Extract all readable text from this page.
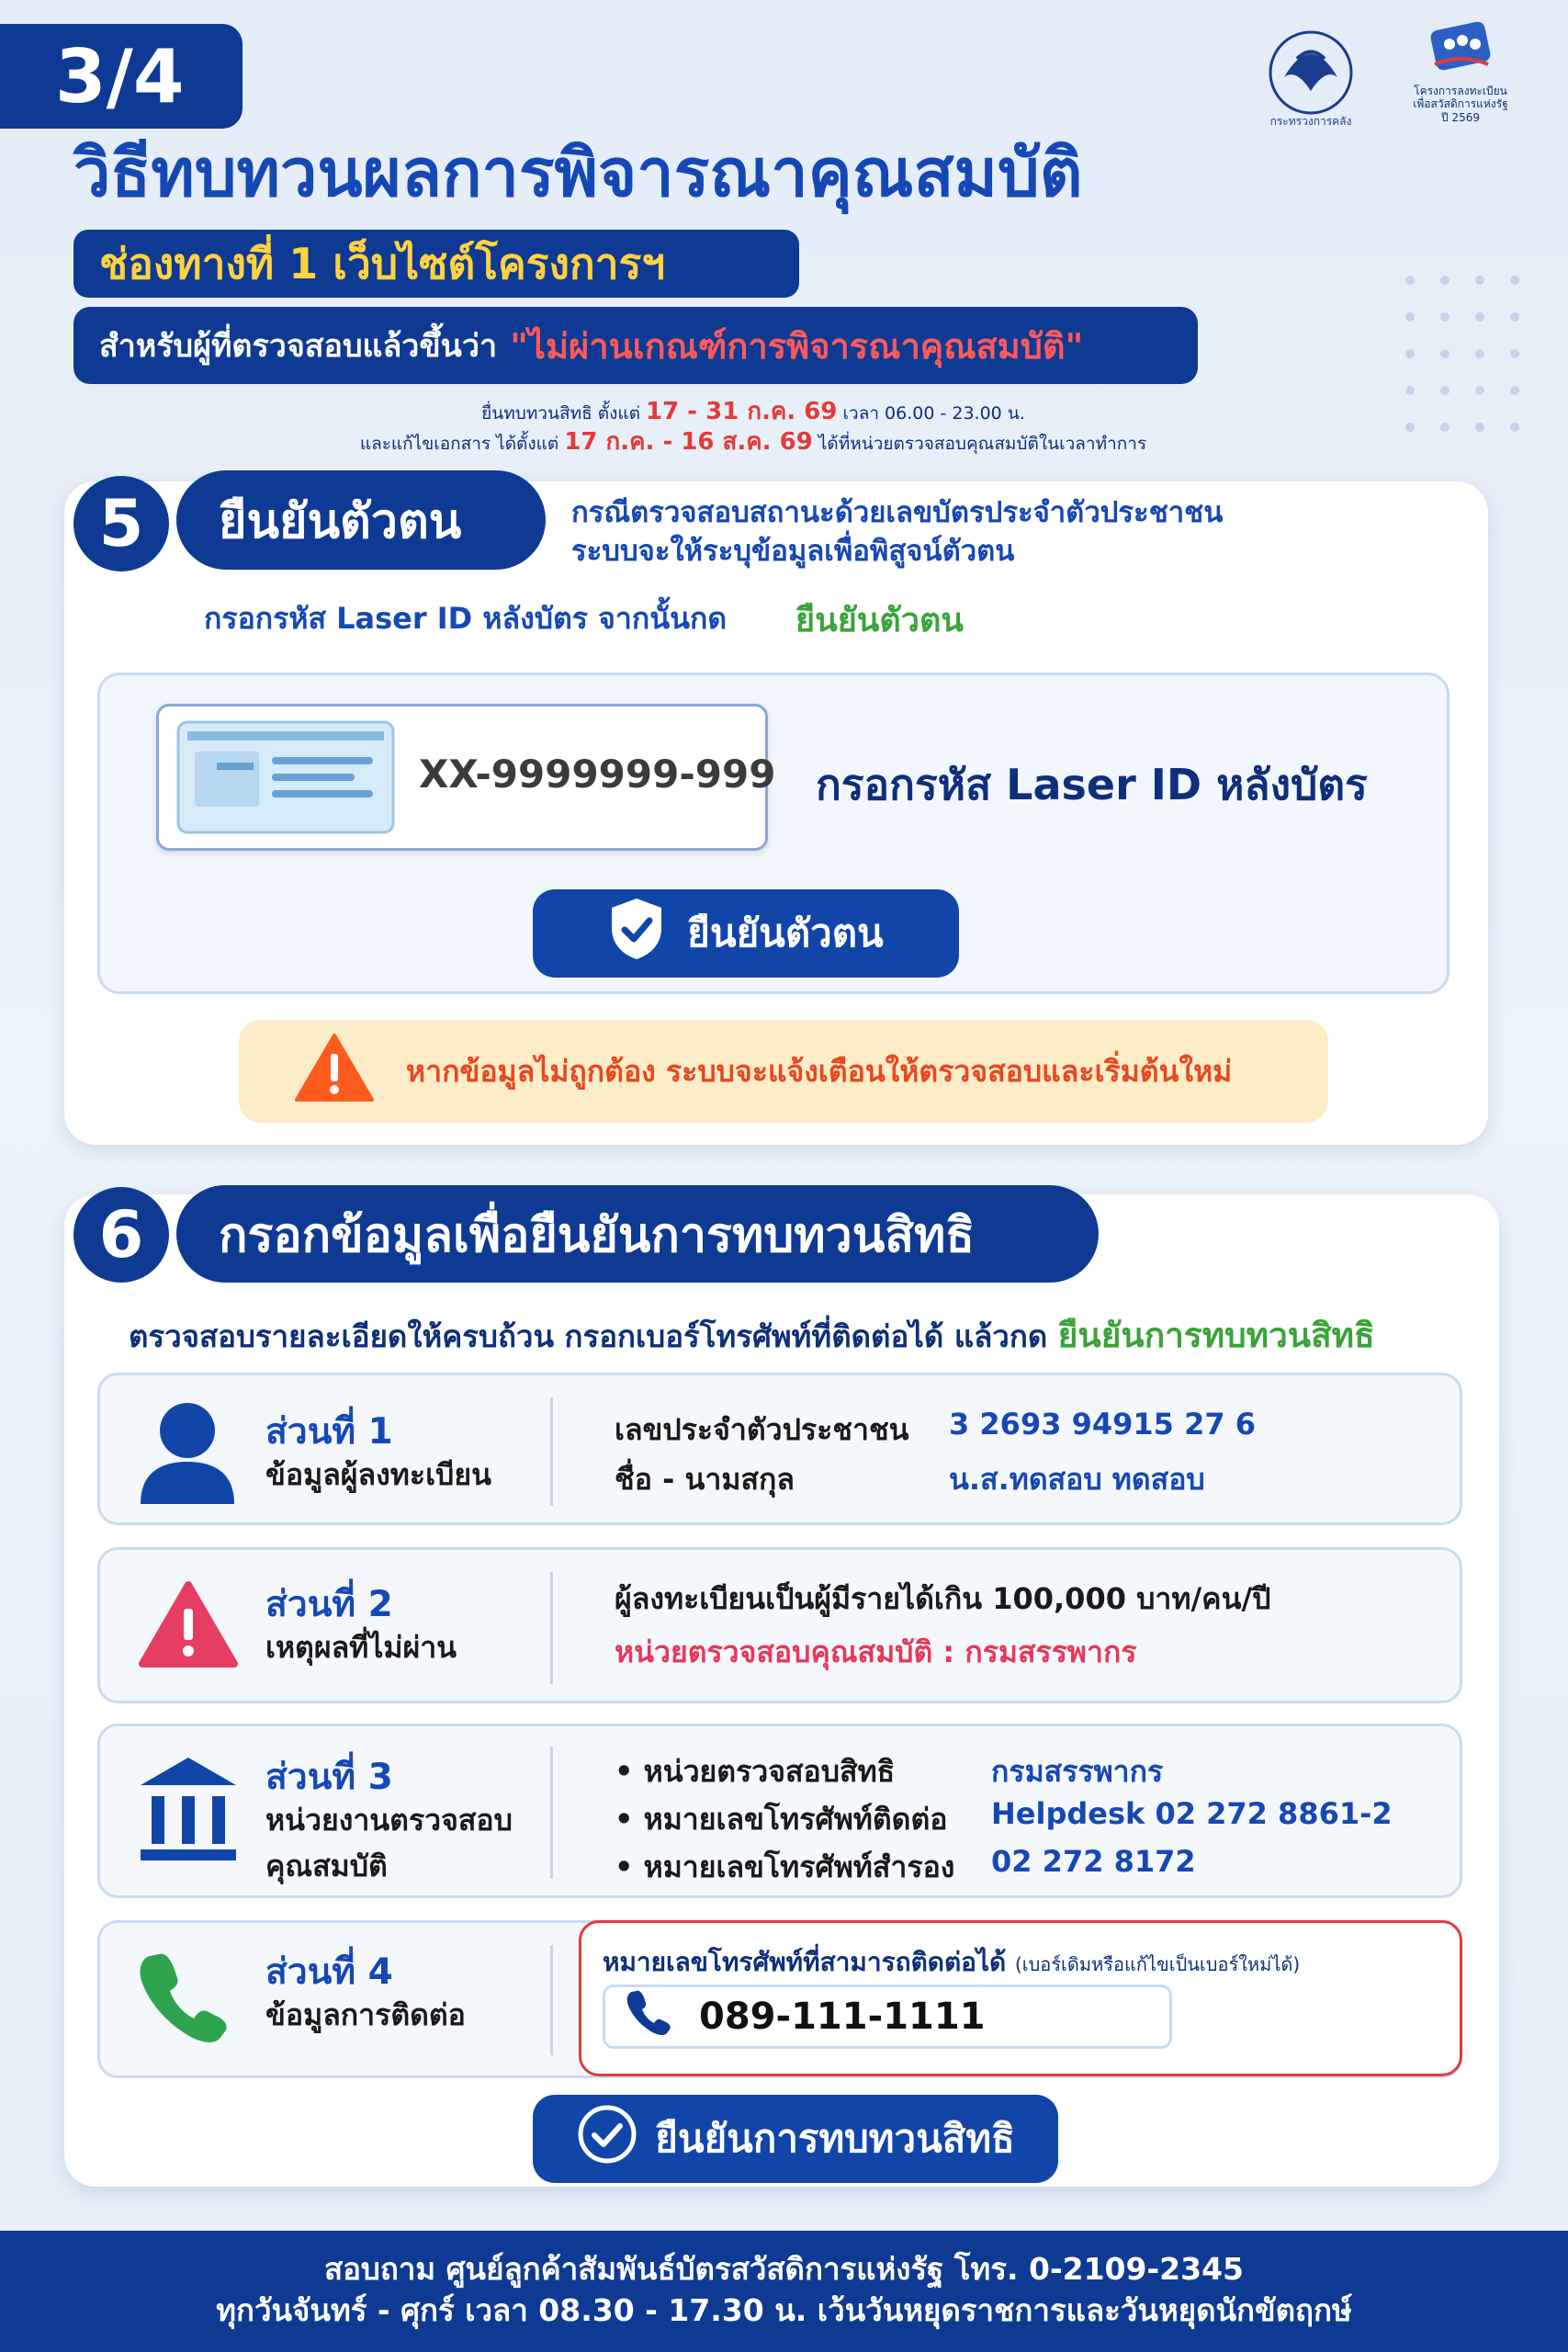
3/4
วิธีทบทวนผลการพิจารณาคุณสมบัติ
ช่องทางที่ 1 เว็บไซต์โครงการฯ
สำหรับผู้ที่ตรวจสอบแล้วขึ้นว่า "ไม่ผ่านเกณฑ์การพิจารณาคุณสมบัติ"
ยื่นทบทวนสิทธิ ตั้งแต่ 17 - 31 ก.ค. 69 เวลา 06.00 - 23.00 น.
และแก้ไขเอกสาร ได้ตั้งแต่ 17 ก.ค. - 16 ส.ค. 69 ได้ที่หน่วยตรวจสอบคุณสมบัติในเวลาทำการ
กระทรวงการคลัง
โครงการลงทะเบียน
เพื่อสวัสดิการแห่งรัฐ
ปี 2569
5	ยืนยันตัวตน	กรณีตรวจสอบสถานะด้วยเลขบัตรประจำตัวประชาชน
ระบบจะให้ระบุข้อมูลเพื่อพิสูจน์ตัวตน
กรอกรหัส Laser ID หลังบัตร จากนั้นกด ยืนยันตัวตน
XX-9999999-999 กรอกรหัส Laser ID หลังบัตร
ยืนยันตัวตน
หากข้อมูลไม่ถูกต้อง ระบบจะแจ้งเตือนให้ตรวจสอบและเริ่มต้นใหม่
6	กรอกข้อมูลเพื่อยืนยันการทบทวนสิทธิ
ตรวจสอบรายละเอียดให้ครบถ้วน กรอกเบอร์โทรศัพท์ที่ติดต่อได้ แล้วกด ยืนยันการทบทวนสิทธิ
ส่วนที่ 1
ข้อมูลผู้ลงทะเบียน
เลขประจำตัวประชาชน 3 2693 94915 27 6
ชื่อ - นามสกุล	น.ส.ทดสอบ ทดสอบ
ส่วนที่ 2
เหตุผลที่ไม่ผ่าน
ผู้ลงทะเบียนเป็นผู้มีรายได้เกิน 100,000 บาท/คน/ปี
หน่วยตรวจสอบคุณสมบัติ : กรมสรรพากร
ส่วนที่ 3
หน่วยงานตรวจสอบ
คุณสมบัติ
• หน่วยตรวจสอบสิทธิ	กรมสรรพากร
• หมายเลขโทรศัพท์ติดต่อ Helpdesk 02 272 8861-2
• หมายเลขโทรศัพท์สำรอง 02 272 8172
ส่วนที่ 4
ข้อมูลการติดต่อ
หมายเลขโทรศัพท์ที่สามารถติดต่อได้ (เบอร์เดิมหรือแก้ไขเป็นเบอร์ใหม่ได้)
089-111-1111
ยืนยันการทบทวนสิทธิ
สอบถาม ศูนย์ลูกค้าสัมพันธ์บัตรสวัสดิการแห่งรัฐ โทร. 0-2109-2345
ทุกวันจันทร์ - ศุกร์ เวลา 08.30 - 17.30 น. เว้นวันหยุดราชการและวันหยุดนักขัตฤกษ์
